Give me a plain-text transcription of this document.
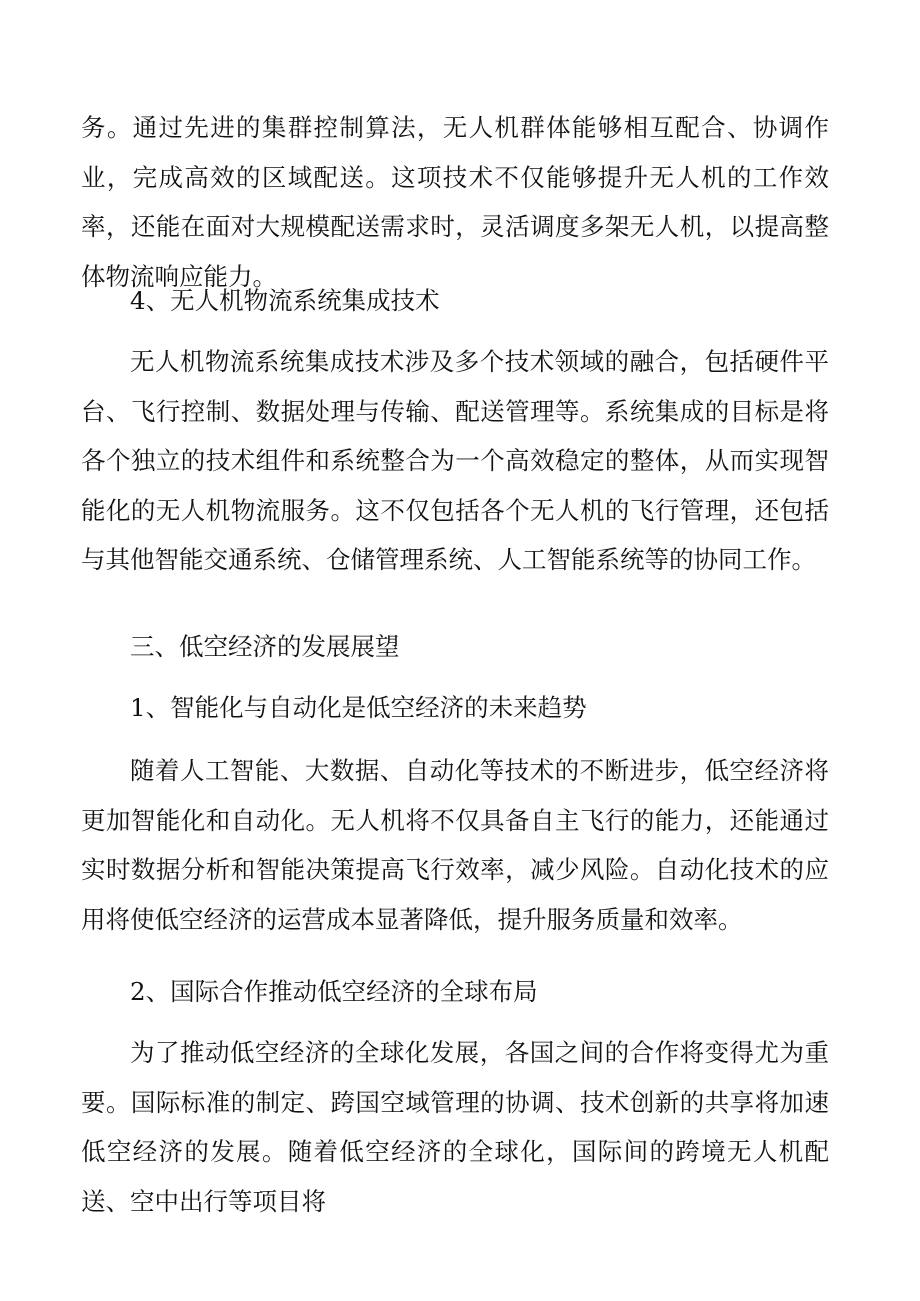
务。通过先进的集群控制算法，无人机群体能够相互配合、协调作业，完成高效的区域配送。这项技术不仅能够提升无人机的工作效率，还能在面对大规模配送需求时，灵活调度多架无人机，以提高整体物流响应能力。

4、无人机物流系统集成技术

无人机物流系统集成技术涉及多个技术领域的融合，包括硬件平台、飞行控制、数据处理与传输、配送管理等。系统集成的目标是将各个独立的技术组件和系统整合为一个高效稳定的整体，从而实现智能化的无人机物流服务。这不仅包括各个无人机的飞行管理，还包括与其他智能交通系统、仓储管理系统、人工智能系统等的协同工作。

三、低空经济的发展展望

1、智能化与自动化是低空经济的未来趋势

随着人工智能、大数据、自动化等技术的不断进步，低空经济将更加智能化和自动化。无人机将不仅具备自主飞行的能力，还能通过实时数据分析和智能决策提高飞行效率，减少风险。自动化技术的应用将使低空经济的运营成本显著降低，提升服务质量和效率。

2、国际合作推动低空经济的全球布局

为了推动低空经济的全球化发展，各国之间的合作将变得尤为重要。国际标准的制定、跨国空域管理的协调、技术创新的共享将加速低空经济的发展。随着低空经济的全球化，国际间的跨境无人机配送、空中出行等项目将
